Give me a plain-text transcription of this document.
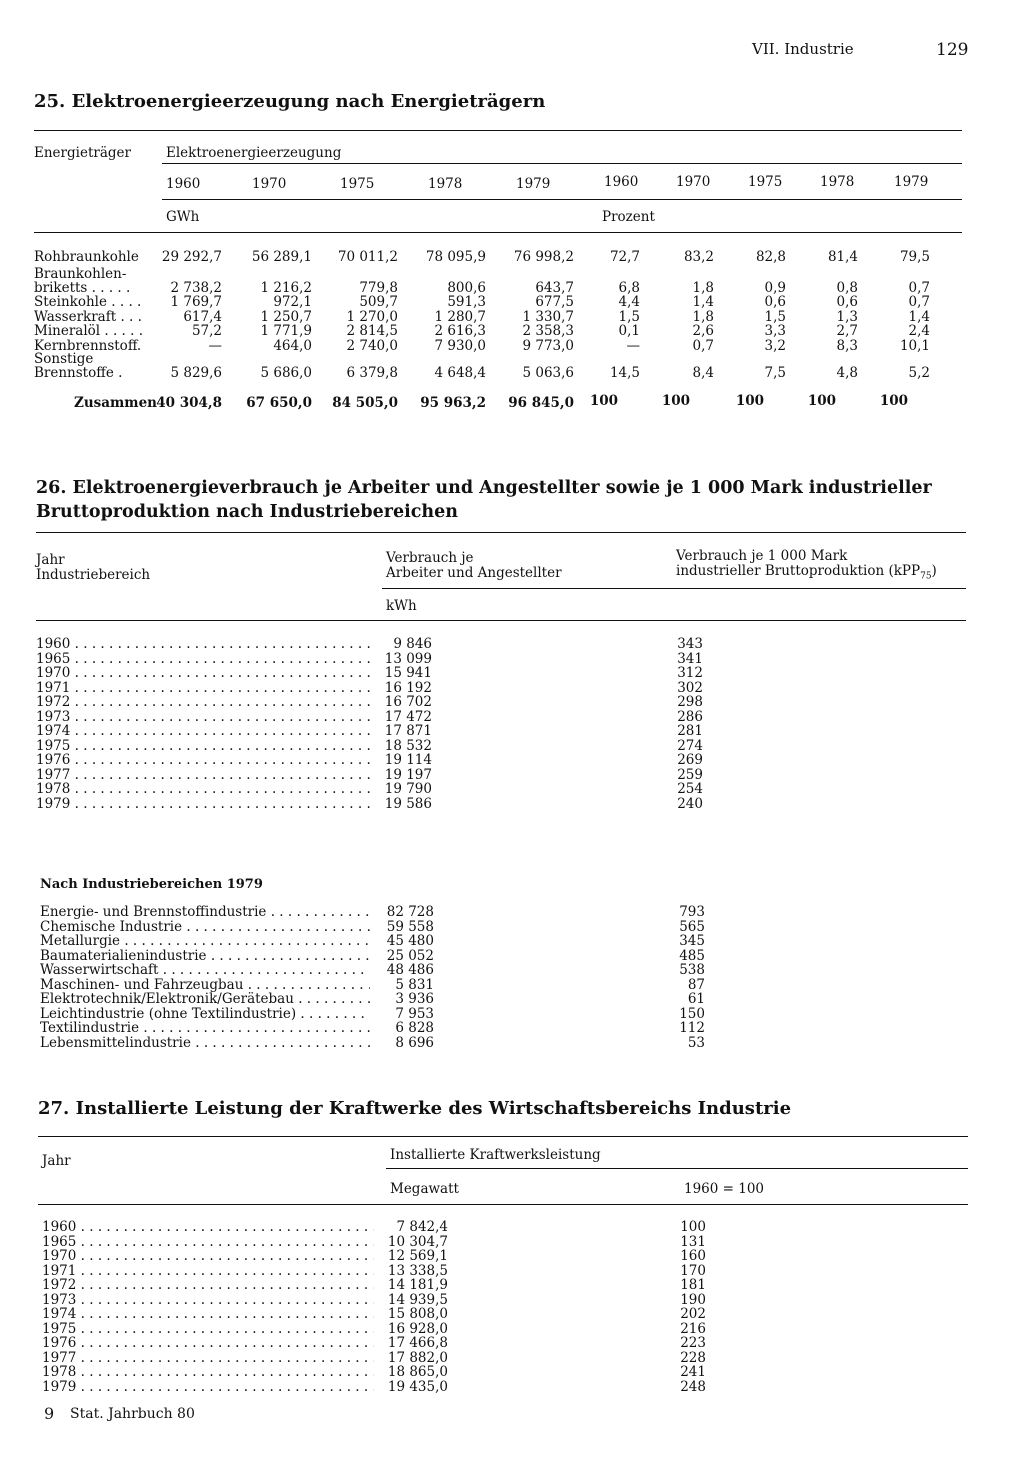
VII. Industrie	129
25. Elektroenergieerzeugung nach Energieträgern
Energieträger	Elektroenergieerzeugung
1960	1970	1975	1978	1979	1960	1970	1975	1978	1979
GWh	Prozent
Rohbraunkohle	29 292,7	56 289,1	70 011,2	78 095,9	76 998,2	72,7	83,2	82,8	81,4	79,5
Braunkohlen-
briketts . . . . .	2 738,2	1 216,2	779,8	800,6	643,7	6,8	1,8	0,9	0,8	0,7
Steinkohle . . . .	1 769,7	972,1	509,7	591,3	677,5	4,4	1,4	0,6	0,6	0,7
Wasserkraft . . .	617,4	1 250,7	1 270,0	1 280,7	1 330,7	1,5	1,8	1,5	1,3	1,4
Mineralöl . . . . .	57,2	1 771,9	2 814,5	2 616,3	2 358,3	0,1	2,6	3,3	2,7	2,4
Kernbrennstoff.	—	464,0	2 740,0	7 930,0	9 773,0	—	0,7	3,2	8,3	10,1
Sonstige
Brennstoffe .	5 829,6	5 686,0	6 379,8	4 648,4	5 063,6	14,5	8,4	7,5	4,8	5,2
Zusammen 40 304,8	67 650,0	84 505,0	95 963,2	96 845,0	100	100	100	100	100
26. Elektroenergieverbrauch je Arbeiter und Angestellter sowie je 1 000 Mark industrieller
Bruttoproduktion nach Industriebereichen
Jahr
Industriebereich
Verbrauch je
Arbeiter und Angestellter
Verbrauch je 1 000 Mark
industrieller Bruttoproduktion (kPP$_{75}$)
kWh
1960 . . .	9 846	343
1965 . . .	13 099	341
1970 . . .	15 941	312
1971 . . .	16 192	302
1972 . . .	16 702	298
1973 . . .	17 472	286
1974 . . .	17 871	281
1975 . . .	18 532	274
1976 . . .	19 114	269
1977 . . .	19 197	259
1978 . . .	19 790	254
1979 . . .	19 586	240
Nach Industriebereichen 1979
Energie- und Brennstoffindustrie . . .	82 728	793
Chemische Industrie . . .	59 558	565
Metallurgie . . .	45 480	345
Baumaterialienindustrie . . .	25 052	485
Wasserwirtschaft . . .	48 486	538
Maschinen- und Fahrzeugbau . . .	5 831	87
Elektrotechnik/Elektronik/Gerätebau . . .	3 936	61
Leichtindustrie (ohne Textilindustrie) . . .	7 953	150
Textilindustrie . . .	6 828	112
Lebensmittelindustrie . . .	8 696	53
27. Installierte Leistung der Kraftwerke des Wirtschaftsbereichs Industrie
Jahr	Installierte Kraftwerksleistung
Megawatt	1960 = 100
1960 . . .	7 842,4	100
1965 . . .	10 304,7	131
1970 . . .	12 569,1	160
1971 . . .	13 338,5	170
1972 . . .	14 181,9	181
1973 . . .	14 939,5	190
1974 . . .	15 808,0	202
1975 . . .	16 928,0	216
1976 . . .	17 466,8	223
1977 . . .	17 882,0	228
1978 . . .	18 865,0	241
1979 . . .	19 435,0	248
9 Stat. Jahrbuch 80
